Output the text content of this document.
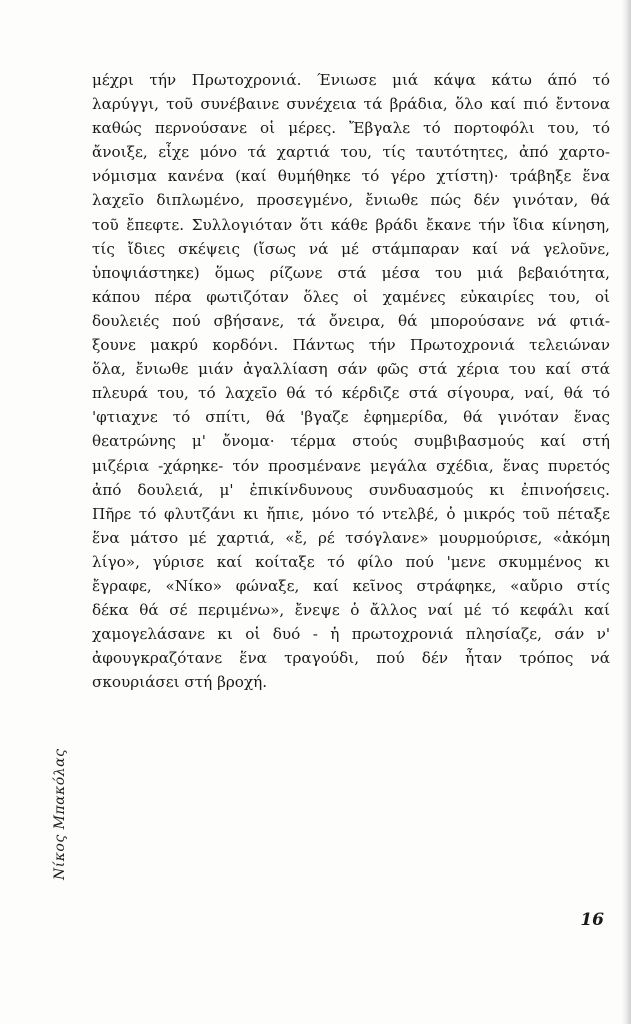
μέχρι τήν Πρωτοχρονιά. Ένιωσε μιά κάψα κάτω άπό τό
λαρύγγι, τοῦ συνέβαινε συνέχεια τά βράδια, ὅλο καί πιό ἔντονα
καθώς περνούσανε οἱ μέρες. Ἔβγαλε τό πορτοφόλι του, τό
ἄνοιξε, εἶχε μόνο τά χαρτιά του, τίς ταυτότητες, ἀπό χαρτο-
νόμισμα κανένα (καί θυμήθηκε τό γέρο χτίστη)· τράβηξε ἕνα
λαχεῖο διπλωμένο, προσεγμένο, ἔνιωθε πώς δέν γινόταν, θά
τοῦ ἔπεφτε. Συλλογιόταν ὅτι κάθε βράδι ἔκανε τήν ἴδια κίνηση,
τίς ἴδιες σκέψεις (ἴσως νά μέ στάμπαραν καί νά γελοῦνε,
ὑποψιάστηκε) ὅμως ρίζωνε στά μέσα του μιά βεβαιότητα,
κάπου πέρα φωτιζόταν ὅλες οἱ χαμένες εὐκαιρίες του, οἱ
δουλειές πού σβήσανε, τά ὄνειρα, θά μπορούσανε νά φτιά-
ξουνε μακρύ κορδόνι. Πάντως τήν Πρωτοχρονιά τελειώναν
ὅλα, ἔνιωθε μιάν ἀγαλλίαση σάν φῶς στά χέρια του καί στά
πλευρά του, τό λαχεῖο θά τό κέρδιζε στά σίγουρα, ναί, θά τό
'φτιαχνε τό σπίτι, θά 'βγαζε ἐφημερίδα, θά γινόταν ἕνας
θεατρώνης μ' ὄνομα· τέρμα στούς συμβιβασμούς καί στή
μιζέρια -χάρηκε- τόν προσμένανε μεγάλα σχέδια, ἕνας πυρετός
ἀπό δουλειά, μ' ἐπικίνδυνους συνδυασμούς κι ἐπινοήσεις.
Πῆρε τό φλυτζάνι κι ἤπιε, μόνο τό ντελβέ, ὁ μικρός τοῦ πέταξε
ἕνα μάτσο μέ χαρτιά, «ἔ, ρέ τσόγλανε» μουρμούρισε, «ἀκόμη
λίγο», γύρισε καί κοίταξε τό φίλο πού 'μενε σκυμμένος κι
ἔγραφε, «Νίκο» φώναξε, καί κεῖνος στράφηκε, «αὔριο στίς
δέκα θά σέ περιμένω», ἔνεψε ὁ ἄλλος ναί μέ τό κεφάλι καί
χαμογελάσανε κι οἱ δυό - ἡ πρωτοχρονιά πλησίαζε, σάν ν'
ἀφουγκραζότανε ἕνα τραγούδι, πού δέν ἦταν τρόπος νά
σκουριάσει στή βροχή.
Νίκος Μπακόλας
16
